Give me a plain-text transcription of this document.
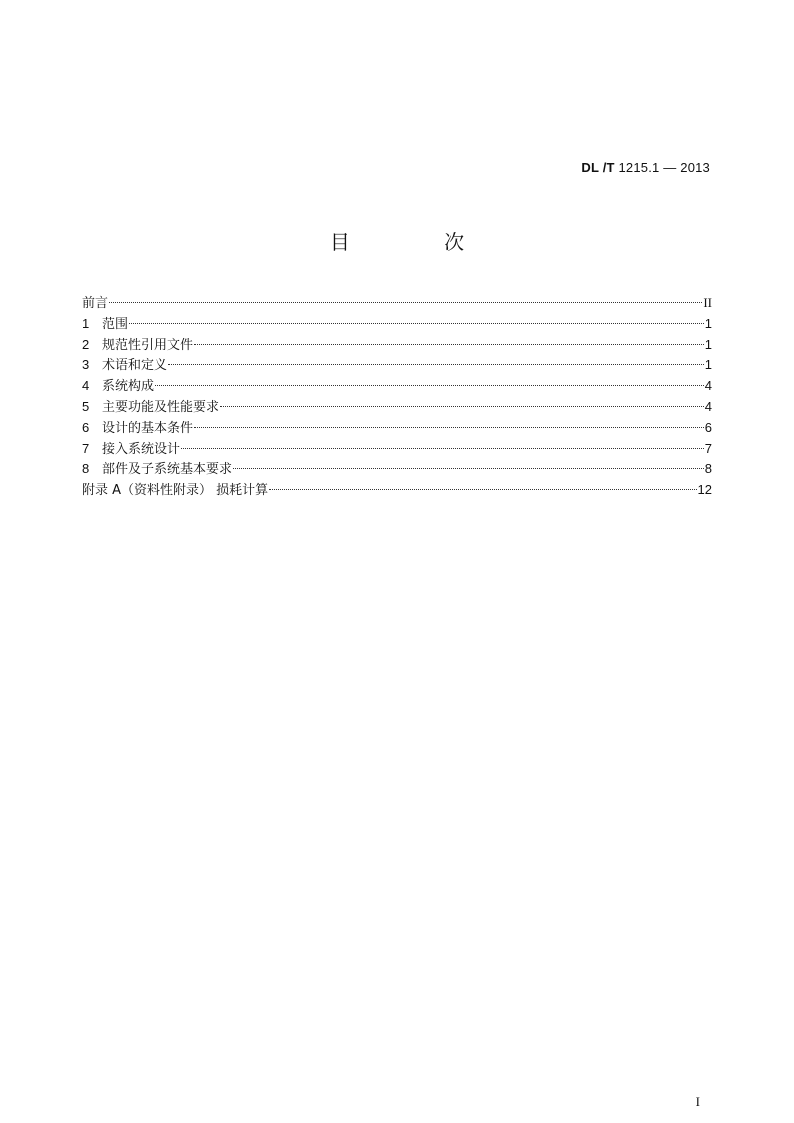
DL /T 1215.1 — 2013
目 次
前言	II
1 范围	1
2 规范性引用文件	1
3 术语和定义	1
4 系统构成	4
5 主要功能及性能要求	4
6 设计的基本条件	6
7 接入系统设计	7
8 部件及子系统基本要求	8
附录 A（资料性附录） 损耗计算	12
I
